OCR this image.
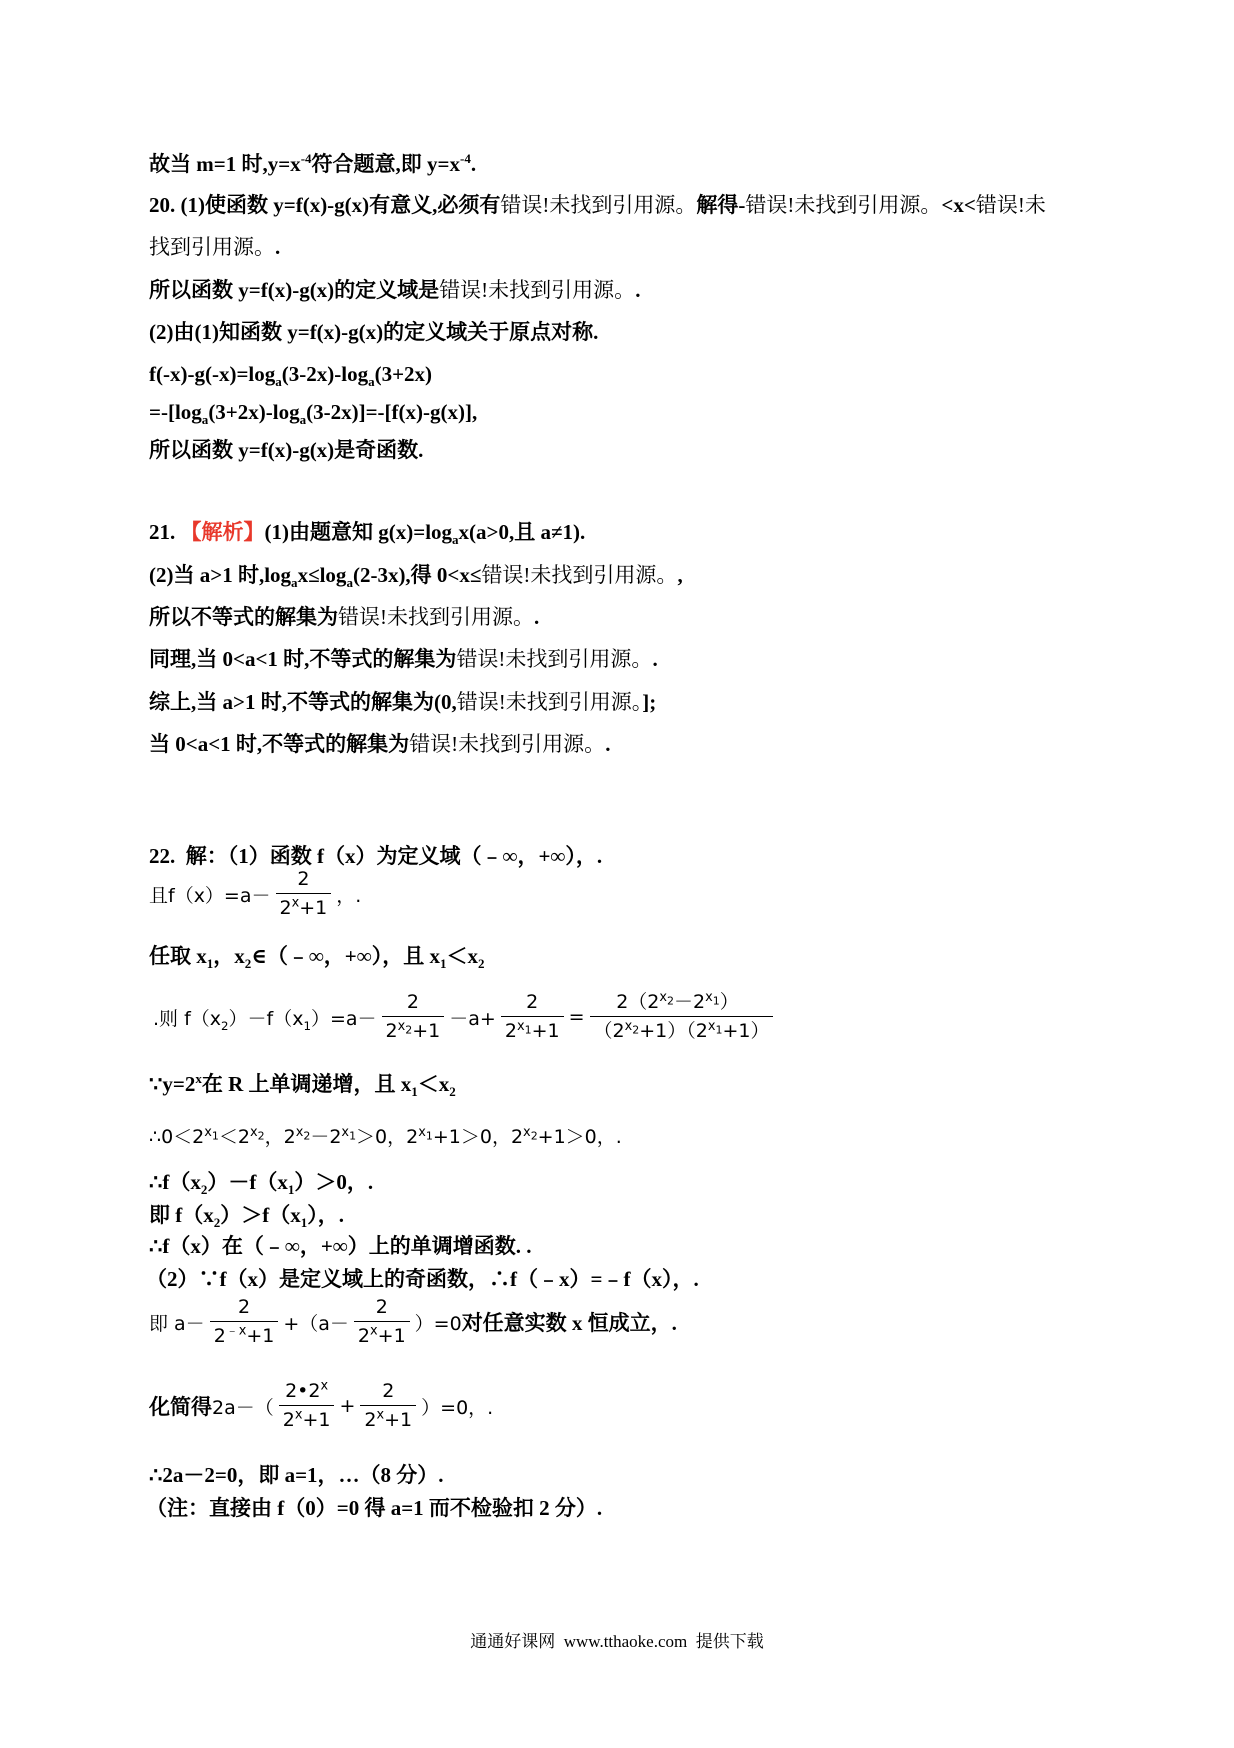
故当 m=1 时$,y=x^{-4}$符合题意,即 $y=x^{-4}$.
20. (1)使函数 y=f(x)-g(x)有意义,必须有错误!未找到引用源。解得-错误!未找到引用源。<x<错误!未
找到引用源。.
所以函数 y=f(x)-g(x)的定义域是错误!未找到引用源。.
(2)由(1)知函数 y=f(x)-g(x)的定义域关于原点对称.
$f(-x)-g(-x)=\log_a(3-2x)-\log_a(3+2x)$
$=-[\log_a(3+2x)-\log_a(3-2x)]=-[f(x)-g(x)]$,
所以函数 y=f(x)-g(x)是奇函数.
21. 【解析】(1)由题意知 $g(x)=\log_ax(a>0$,且 a≠1).
(2)当 a>1 时$,\log_ax\le\log_a(2-3x)$,得 0<x≤错误!未找到引用源。,
所以不等式的解集为错误!未找到引用源。.
同理,当 0<a<1 时,不等式的解集为错误!未找到引用源。.
综上,当 a>1 时,不等式的解集为(0,错误!未找到引用源。];
当 0<a<1 时,不等式的解集为错误!未找到引用源。.
22.  解：（1）函数 f（x）为定义域（﹣∞，+∞），.
且$f(x)=a- \frac{2}{2^x+1}$ ，.
任取 $x_1$，$x_2\in(﹣\infty$，+∞），且 $x_1<x_2$
.则 $f(x_2)-f(x_1)=a- \frac{2}{2^{x_2}+1} -a+ \frac{2}{2^{x_1}+1} = \frac{2(2^{x_2}-2^{x_1})}{(2^{x_2}+1)(2^{x_1}+1)}$
$\because y=2^x$在 R 上单调递增，且 $x_1<x_2$
$\therefore 0<2^{x_1}<2^{x_2}$，$2^{x_2}-2^{x_1}>0$，$2^{x_1}+1>0$，$2^{x_2}+1>0$，.
$\therefore f(x_2)-f(x_1)>0$，.
即 $f(x_2)>f(x_1)$，.
∴f（x）在（﹣∞，+∞）上的单调增函数. .
（2）∵f（x）是定义域上的奇函数，∴f（﹣x）=﹣f（x），.
即 $a- \frac{2}{2^{﹣x}+1} +(a- \frac{2}{2^x+1} )=0$ 对任意实数 x 恒成立，.
化简得 $2a-( \frac{2•2^x}{2^x+1} + \frac{2}{2^x+1} )=0$，.
∴2a－2=0，即 a=1，…（8 分）.
（注：直接由 f（0）=0 得 a=1 而不检验扣 2 分）.
通通好课网  www.tthaoke.com  提供下载
